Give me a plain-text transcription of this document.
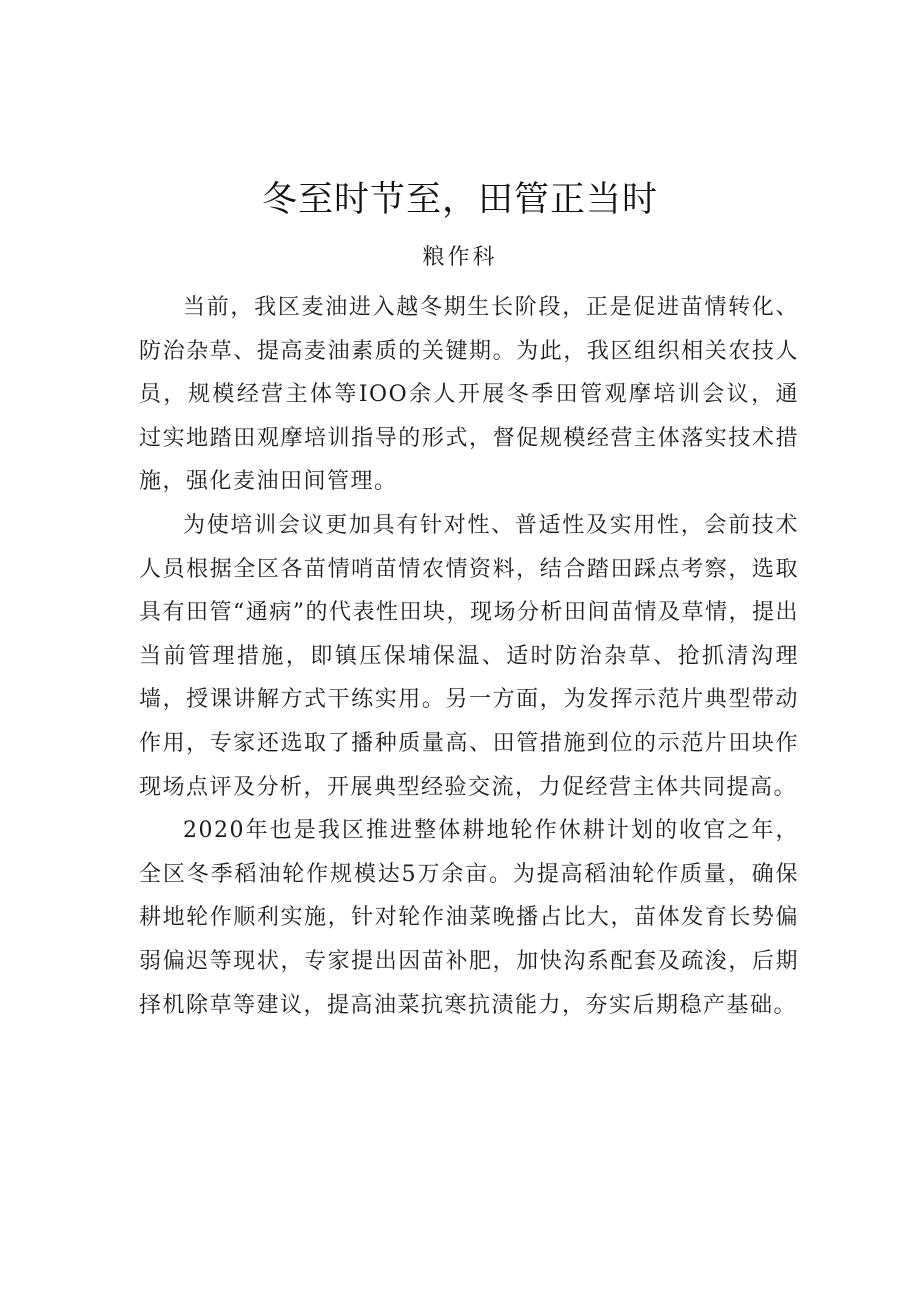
冬至时节至，田管正当时

粮作科

当前，我区麦油进入越冬期生长阶段，正是促进苗情转化、防治杂草、提高麦油素质的关键期。为此，我区组织相关农技人员，规模经营主体等IOO余人开展冬季田管观摩培训会议，通过实地踏田观摩培训指导的形式，督促规模经营主体落实技术措施，强化麦油田间管理。

为使培训会议更加具有针对性、普适性及实用性，会前技术人员根据全区各苗情哨苗情农情资料，结合踏田踩点考察，选取具有田管“通病”的代表性田块，现场分析田间苗情及草情，提出当前管理措施，即镇压保埔保温、适时防治杂草、抢抓清沟理墙，授课讲解方式干练实用。另一方面，为发挥示范片典型带动作用，专家还选取了播种质量高、田管措施到位的示范片田块作现场点评及分析，开展典型经验交流，力促经营主体共同提高。

2020年也是我区推进整体耕地轮作休耕计划的收官之年，全区冬季稻油轮作规模达5万余亩。为提高稻油轮作质量，确保耕地轮作顺利实施，针对轮作油菜晚播占比大，苗体发育长势偏弱偏迟等现状，专家提出因苗补肥，加快沟系配套及疏浚，后期择机除草等建议，提高油菜抗寒抗渍能力，夯实后期稳产基础。
